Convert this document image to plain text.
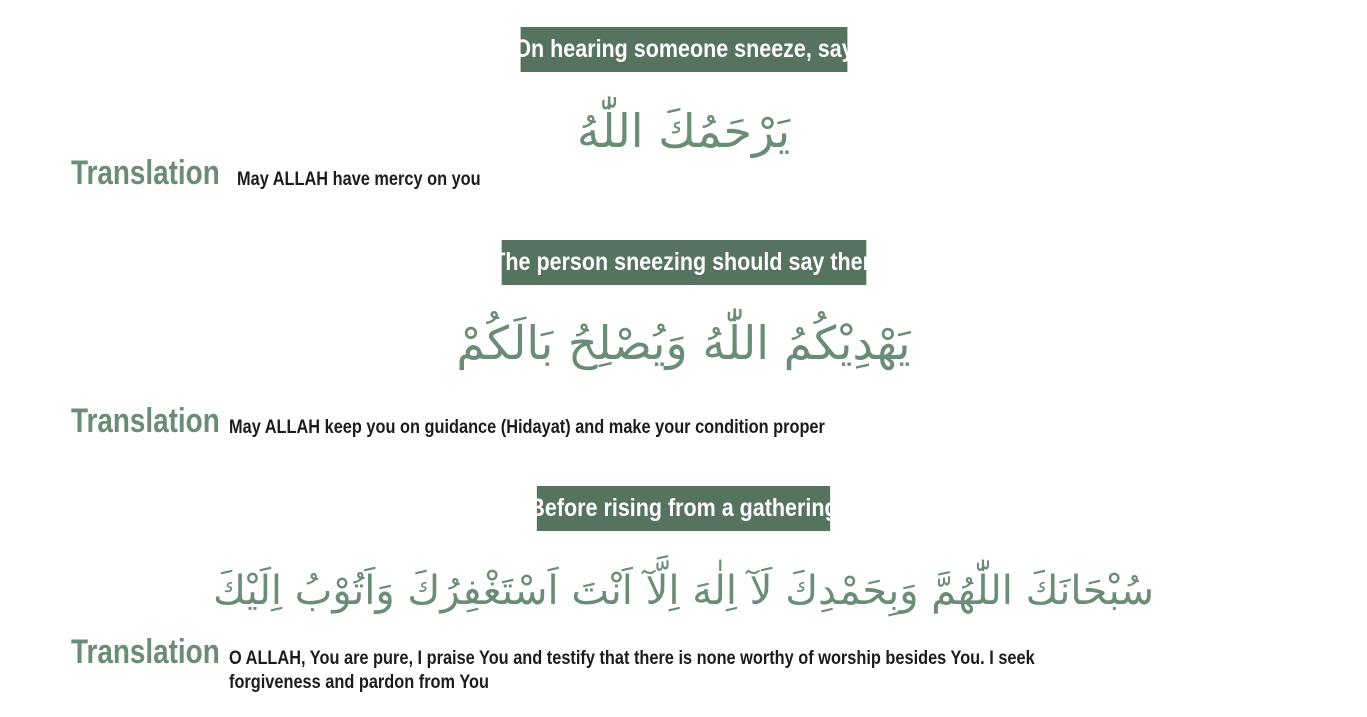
On hearing someone sneeze, say
يَرْحَمُكَ اللّٰهُ
Translation May ALLAH have mercy on you
The person sneezing should say then
يَهْدِيْكُمُ اللّٰهُ وَيُصْلِحُ بَالَكُمْ
Translation May ALLAH keep you on guidance (Hidayat) and make your condition proper
Before rising from a gathering
سُبْحَانَكَ اللّٰهُمَّ وَبِحَمْدِكَ لَآ اِلٰهَ اِلَّآ اَنْتَ اَسْتَغْفِرُكَ وَاَتُوْبُ اِلَيْكَ
Translation O ALLAH, You are pure, I praise You and testify that there is none worthy of worship besides You. I seek forgiveness and pardon from You
